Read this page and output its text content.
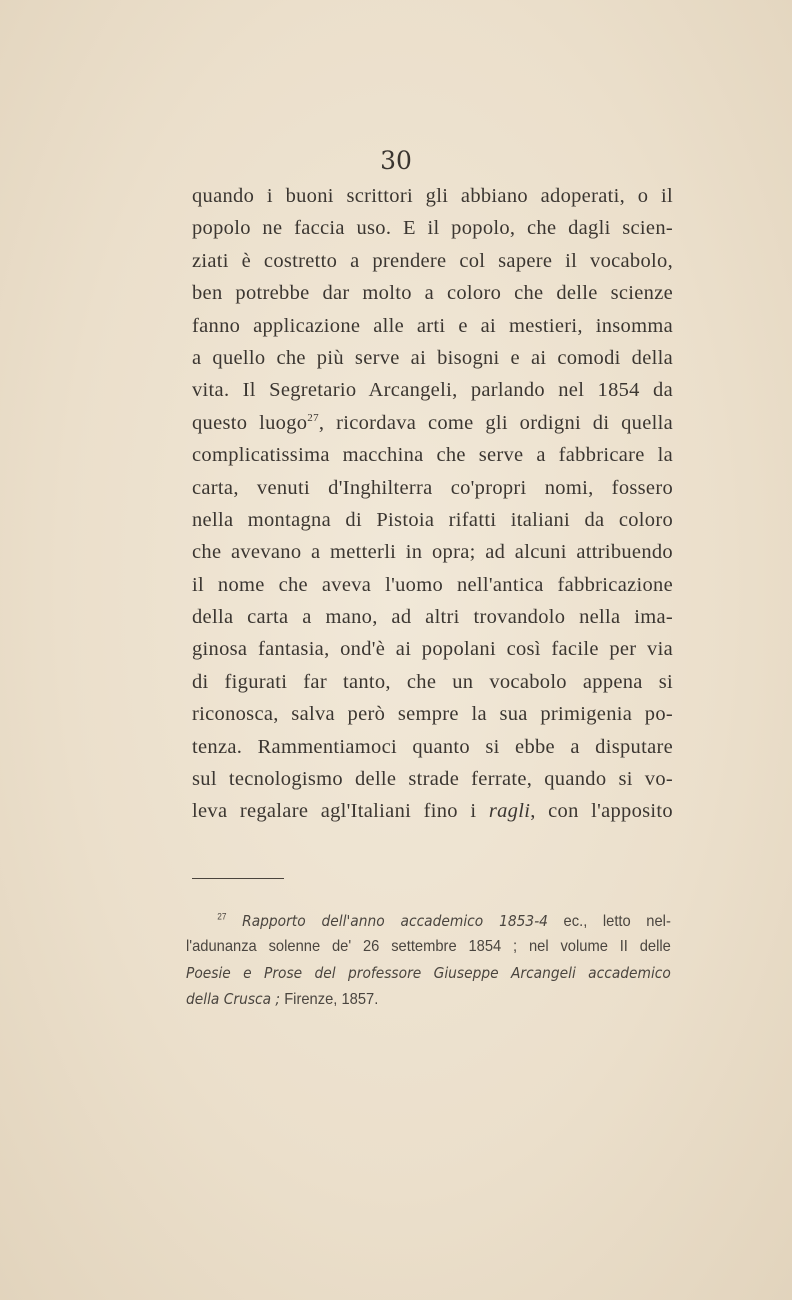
30

quando i buoni scrittori gli abbiano adoperati, o il
popolo ne faccia uso. E il popolo, che dagli scien-
ziati è costretto a prendere col sapere il vocabolo,
ben potrebbe dar molto a coloro che delle scienze
fanno applicazione alle arti e ai mestieri, insomma
a quello che più serve ai bisogni e ai comodi della
vita. Il Segretario Arcangeli, parlando nel 1854 da
questo luogo$^{27}$, ricordava come gli ordigni di quella
complicatissima macchina che serve a fabbricare la
carta, venuti d'Inghilterra co'propri nomi, fossero
nella montagna di Pistoia rifatti italiani da coloro
che avevano a metterli in opra; ad alcuni attribuendo
il nome che aveva l'uomo nell'antica fabbricazione
della carta a mano, ad altri trovandolo nella ima-
ginosa fantasia, ond'è ai popolani così facile per via
di figurati far tanto, che un vocabolo appena si
riconosca, salva però sempre la sua primigenia po-
tenza. Rammentiamoci quanto si ebbe a disputare
sul tecnologismo delle strade ferrate, quando si vo-
leva regalare agl'Italiani fino i ragli, con l'apposito
$^{27}$ Rapporto dell'anno accademico 1853-4 ec., letto nel-
l'adunanza solenne de' 26 settembre 1854 ; nel volume II delle
Poesie e Prose del professore Giuseppe Arcangeli accademico
della Crusca ; Firenze, 1857.
